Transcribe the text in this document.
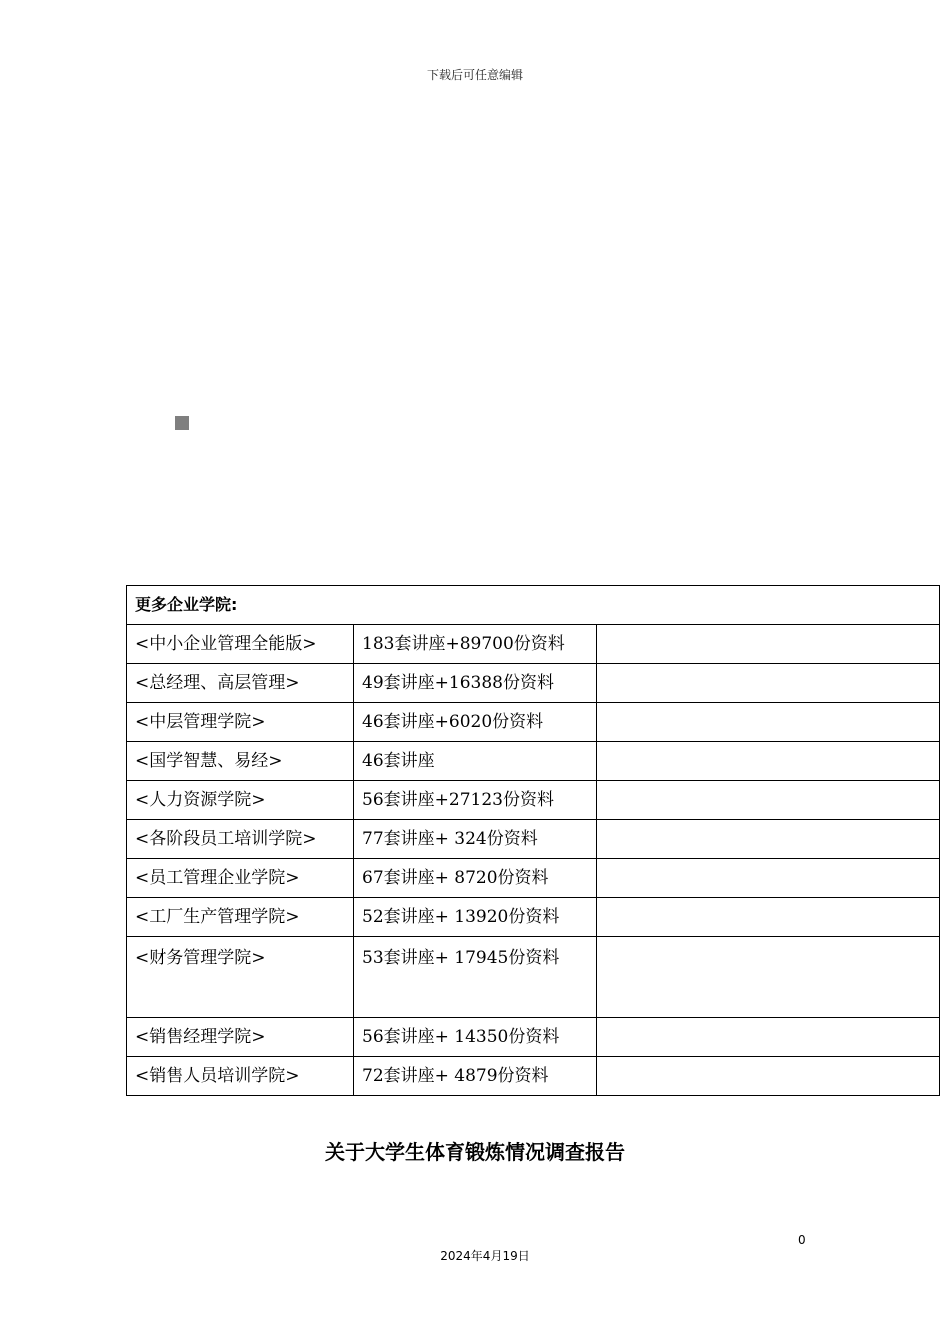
下载后可任意编辑
更多企业学院:		
<中小企业管理全能版>	183套讲座+89700份资料	
<总经理、高层管理>	49套讲座+16388份资料	
<中层管理学院>	46套讲座+6020份资料	
<国学智慧、易经>	46套讲座	
<人力资源学院>	56套讲座+27123份资料	
<各阶段员工培训学院>	77套讲座+ 324份资料	
<员工管理企业学院>	67套讲座+ 8720份资料	
<工厂生产管理学院>	52套讲座+ 13920份资料	
<财务管理学院>	53套讲座+ 17945份资料	
<销售经理学院>	56套讲座+ 14350份资料	
<销售人员培训学院>	72套讲座+ 4879份资料	
关于大学生体育锻炼情况调查报告
0
2024年4月19日
